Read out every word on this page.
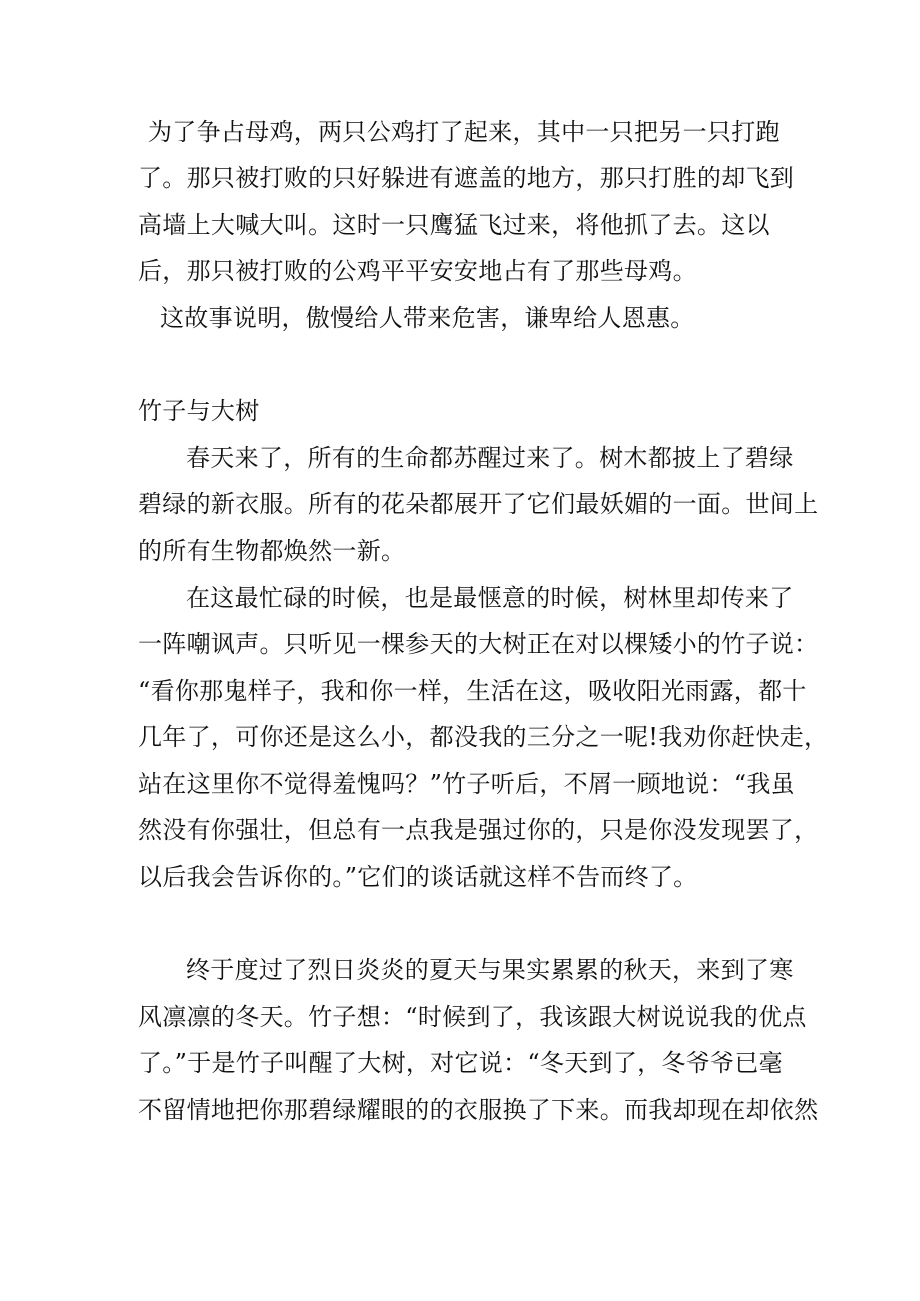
为了争占母鸡，两只公鸡打了起来，其中一只把另一只打跑
了。那只被打败的只好躲进有遮盖的地方，那只打胜的却飞到
高墙上大喊大叫。这时一只鹰猛飞过来，将他抓了去。这以
后，那只被打败的公鸡平平安安地占有了那些母鸡。
这故事说明，傲慢给人带来危害，谦卑给人恩惠。
竹子与大树
春天来了，所有的生命都苏醒过来了。树木都披上了碧绿
碧绿的新衣服。所有的花朵都展开了它们最妖媚的一面。世间上
的所有生物都焕然一新。
在这最忙碌的时候，也是最惬意的时候，树林里却传来了
一阵嘲讽声。只听见一棵参天的大树正在对以棵矮小的竹子说：
“看你那鬼样子，我和你一样，生活在这，吸收阳光雨露，都十
几年了，可你还是这么小，都没我的三分之一呢!我劝你赶快走，
站在这里你不觉得羞愧吗？”竹子听后，不屑一顾地说：“我虽
然没有你强壮，但总有一点我是强过你的，只是你没发现罢了，
以后我会告诉你的。”它们的谈话就这样不告而终了。
终于度过了烈日炎炎的夏天与果实累累的秋天，来到了寒
风凛凛的冬天。竹子想：“时候到了，我该跟大树说说我的优点
了。”于是竹子叫醒了大树，对它说：“冬天到了，冬爷爷已毫
不留情地把你那碧绿耀眼的的衣服换了下来。而我却现在却依然
